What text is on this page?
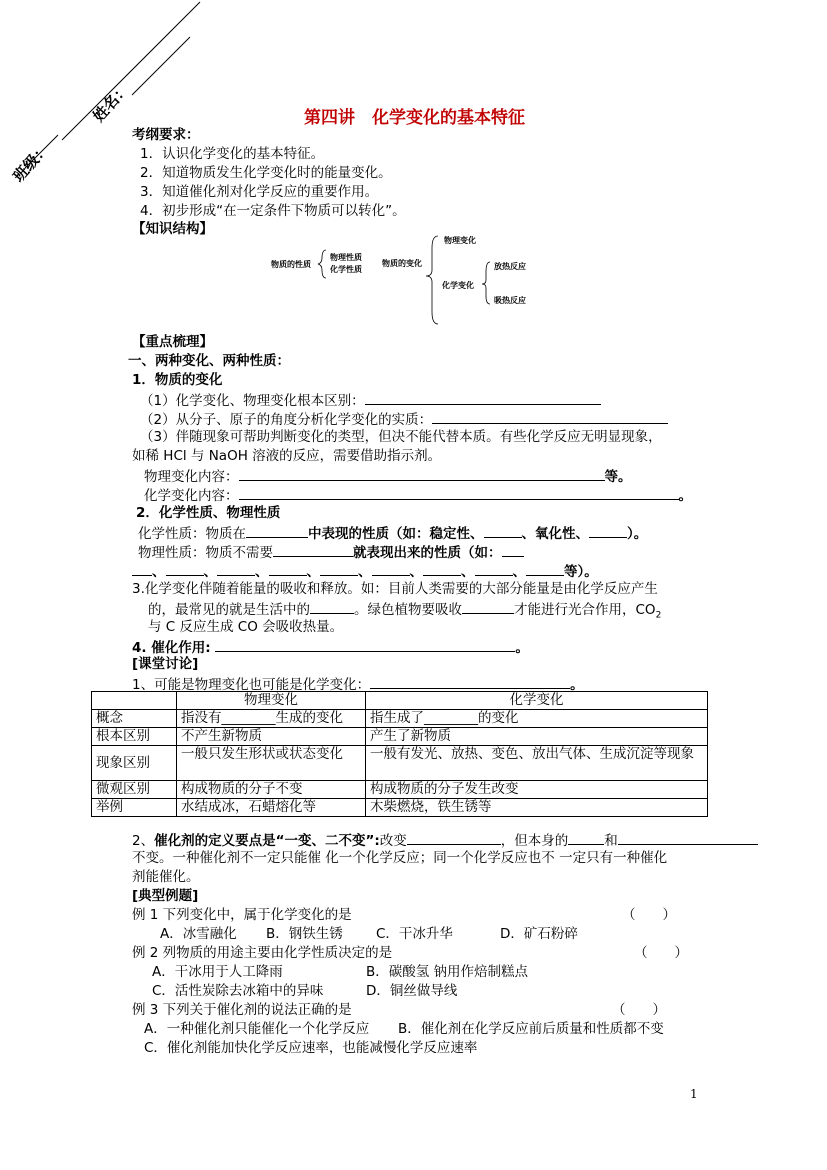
班级：
姓名：	第四讲　化学变化的基本特征
考纲要求：
1．认识化学变化的基本特征。
2．知道物质发生化学变化时的能量变化。
3．知道催化剂对化学反应的重要作用。
4．初步形成“在一定条件下物质可以转化”。
【知识结构】
物质的性质
物理性质
化学性质
物质的变化
物理变化
化学变化
放热反应
吸热反应
【重点梳理】
一、两种变化、两种性质：
1．物质的变化
（1）化学变化、物理变化根本区别：
（2）从分子、原子的角度分析化学变化的实质：
（3）伴随现象可帮助判断变化的类型，但决不能代替本质。有些化学反应无明显现象，
如稀 HCl 与 NaOH 溶液的反应，需要借助指示剂。
物理变化内容：	等。
化学变化内容：	。
2．化学性质、物理性质
化学性质：物质在	中表现的性质（如：稳定性、	、氧化性、	）。
物理性质：物质不需要	就表现出来的性质（如：
、	、	、	、	、	、	、	、	等）。
3.化学变化伴随着能量的吸收和释放。如：目前人类需要的大部分能量是由化学反应产生
的，最常见的就是生活中的	。绿色植物要吸收	才能进行光合作用，$CO_2$
与 C 反应生成 CO 会吸收热量。
4. 催化作用:	。
[课堂讨论]
1、可能是物理变化也可能是化学变化：	。
	物理变化	化学变化
概念	指没有________生成的变化	指生成了________的变化
根本区别	不产生新物质	产生了新物质
现象区别	一般只发生形状或状态变化	一般有发光、放热、变色、放出气体、生成沉淀等现象
微观区别	构成物质的分子不变	构成物质的分子发生改变
举例	水结成冰，石蜡熔化等	木柴燃烧，铁生锈等
2、催化剂的定义要点是“一变、二不变”:改变	，但本身的	和
不变。一种催化剂不一定只能催 化一个化学反应；同一个化学反应也不 一定只有一种催化
剂能催化。
[典型例题]
例 1 下列变化中，属于化学变化的是	（　　）
A．冰雪融化 B．钢铁生锈 C．干冰升华	D．矿石粉碎
例 2 列物质的用途主要由化学性质决定的是	（　　）
A．干冰用于人工降雨	B．碳酸氢 钠用作焙制糕点
C．活性炭除去冰箱中的异味	D．铜丝做导线
例 3 下列关于催化剂的说法正确的是	（　　）
A．一种催化剂只能催化一个化学反应 B．催化剂在化学反应前后质量和性质都不变
C．催化剂能加快化学反应速率，也能减慢化学反应速率
1
